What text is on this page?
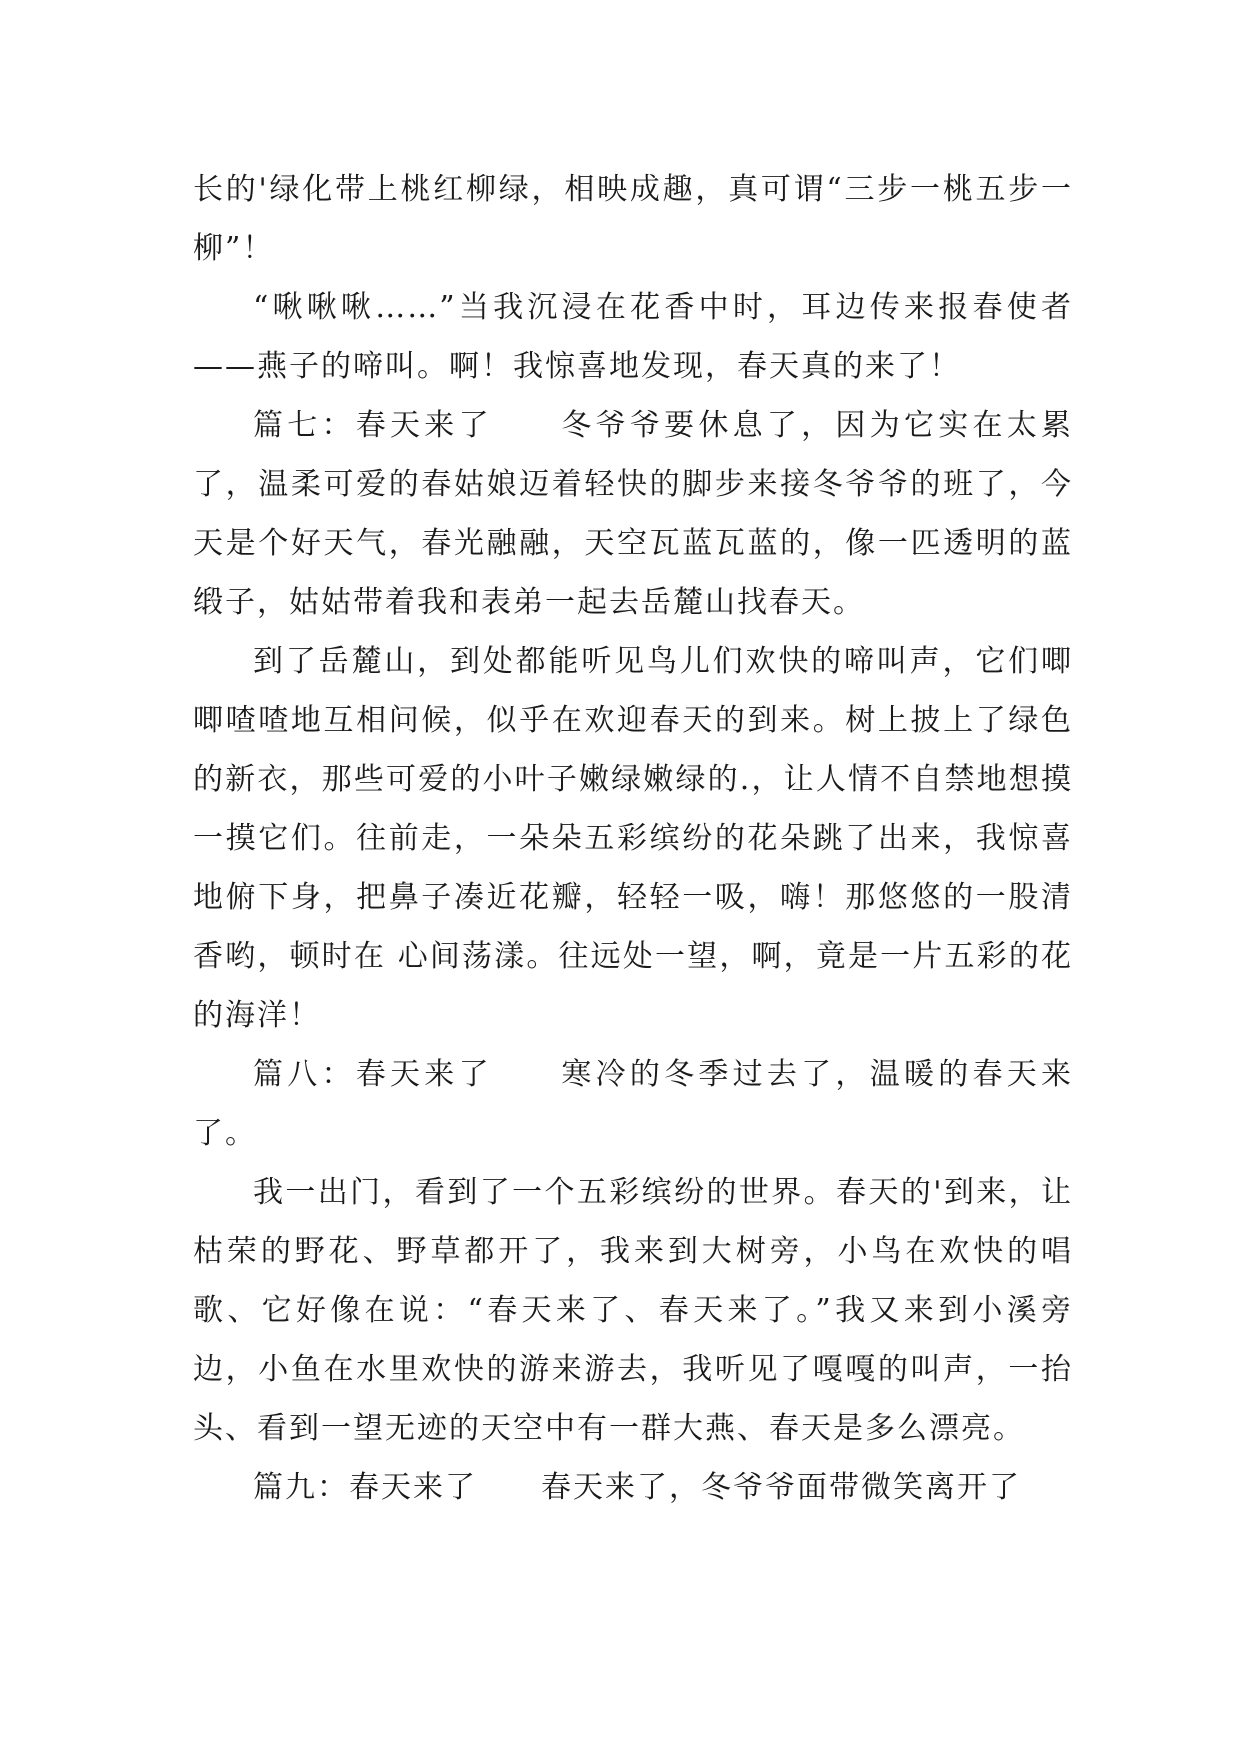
长的'绿化带上桃红柳绿，相映成趣，真可谓“三步一桃五步一柳”！

“啾啾啾……”当我沉浸在花香中时，耳边传来报春使者——燕子的啼叫。啊！我惊喜地发现，春天真的来了！

篇七：春天来了　　冬爷爷要休息了，因为它实在太累了，温柔可爱的春姑娘迈着轻快的脚步来接冬爷爷的班了，今天是个好天气，春光融融，天空瓦蓝瓦蓝的，像一匹透明的蓝缎子，姑姑带着我和表弟一起去岳麓山找春天。

到了岳麓山，到处都能听见鸟儿们欢快的啼叫声，它们唧唧喳喳地互相问候，似乎在欢迎春天的到来。树上披上了绿色的新衣，那些可爱的小叶子嫩绿嫩绿的.，让人情不自禁地想摸一摸它们。往前走，一朵朵五彩缤纷的花朵跳了出来，我惊喜地俯下身，把鼻子凑近花瓣，轻轻一吸，嗨！那悠悠的一股清香哟，顿时在 心间荡漾。往远处一望，啊，竟是一片五彩的花的海洋！

篇八：春天来了　　寒冷的冬季过去了，温暖的春天来了。

我一出门，看到了一个五彩缤纷的世界。春天的'到来，让枯荣的野花、野草都开了，我来到大树旁，小鸟在欢快的唱歌、它好像在说：“春天来了、春天来了。”我又来到小溪旁边，小鱼在水里欢快的游来游去，我听见了嘎嘎的叫声，一抬头、看到一望无迹的天空中有一群大燕、春天是多么漂亮。

篇九：春天来了　　春天来了，冬爷爷面带微笑离开了
